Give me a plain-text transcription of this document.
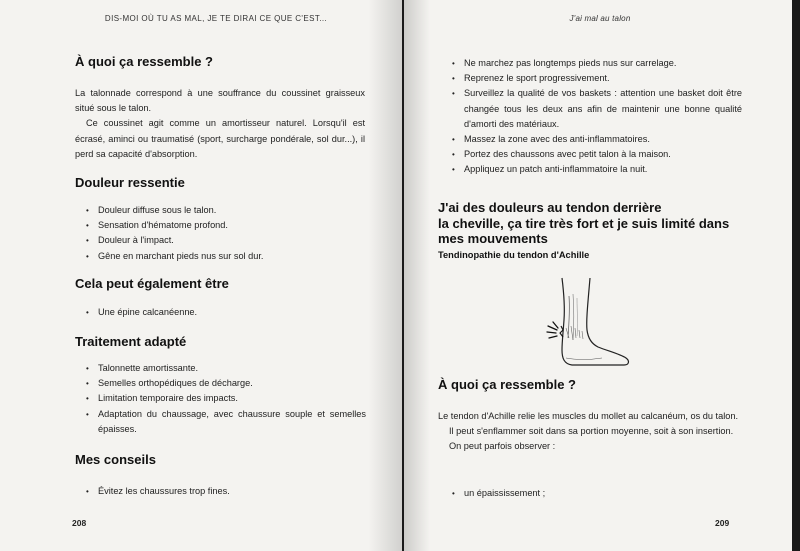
DIS-MOI OÙ TU AS MAL, JE TE DIRAI CE QUE C'EST...
À quoi ça ressemble ?

La talonnade correspond à une souffrance du coussinet graisseux situé sous le talon.

Ce coussinet agit comme un amortisseur naturel. Lorsqu'il est écrasé, aminci ou traumatisé (sport, surcharge pondérale, sol dur...), il perd sa capacité d'absorption.

Douleur ressentie
• Douleur diffuse sous le talon.
• Sensation d'hématome profond.
• Douleur à l'impact.
• Gêne en marchant pieds nus sur sol dur.
Cela peut également être
• Une épine calcanéenne.
Traitement adapté
• Talonnette amortissante.
• Semelles orthopédiques de décharge.
• Limitation temporaire des impacts.
• Adaptation du chaussage, avec chaussure souple et semelles épaisses.
Mes conseils
• Évitez les chaussures trop fines.
208
J'ai mal au talon
• Ne marchez pas longtemps pieds nus sur carrelage.
• Reprenez le sport progressivement.
• Surveillez la qualité de vos baskets : attention une basket doit être changée tous les deux ans afin de maintenir une bonne qualité d'amorti des matériaux.
• Massez la zone avec des anti-inflammatoires.
• Portez des chaussons avec petit talon à la maison.
• Appliquez un patch anti-inflammatoire la nuit.
J'ai des douleurs au tendon derrière
la cheville, ça tire très fort et je suis limité dans
mes mouvements
Tendinopathie du tendon d'Achille
À quoi ça ressemble ?

Le tendon d'Achille relie les muscles du mollet au calcanéum, os du talon.

Il peut s'enflammer soit dans sa portion moyenne, soit à son insertion.

On peut parfois observer :

• un épaississement ;
209
